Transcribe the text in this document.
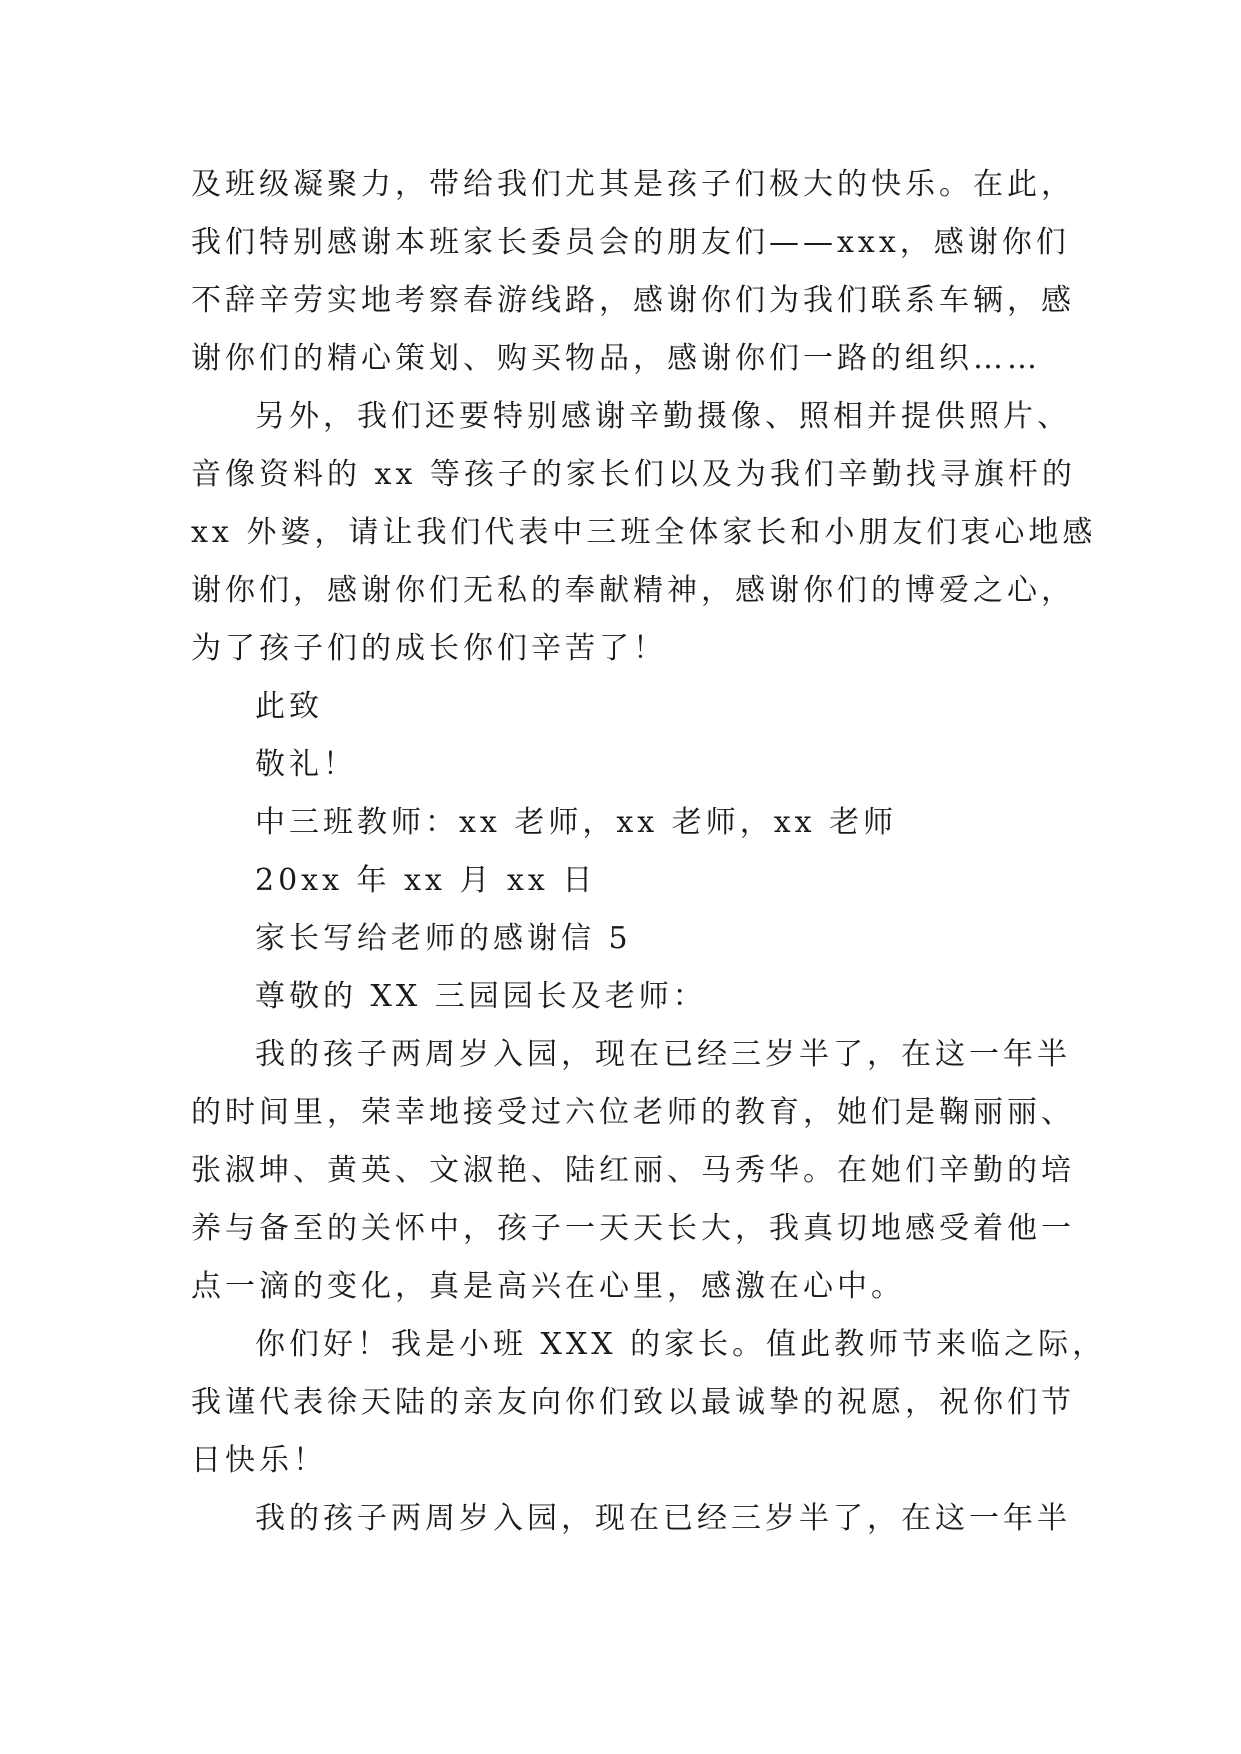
及班级凝聚力，带给我们尤其是孩子们极大的快乐。在此，
我们特别感谢本班家长委员会的朋友们——xxx，感谢你们
不辞辛劳实地考察春游线路，感谢你们为我们联系车辆，感
谢你们的精心策划、购买物品，感谢你们一路的组织……
另外，我们还要特别感谢辛勤摄像、照相并提供照片、
音像资料的 xx 等孩子的家长们以及为我们辛勤找寻旗杆的
xx 外婆，请让我们代表中三班全体家长和小朋友们衷心地感
谢你们，感谢你们无私的奉献精神，感谢你们的博爱之心，
为了孩子们的成长你们辛苦了！
此致
敬礼！
中三班教师：xx 老师，xx 老师，xx 老师
20xx 年 xx 月 xx 日
家长写给老师的感谢信 5
尊敬的 XX 三园园长及老师：
我的孩子两周岁入园，现在已经三岁半了，在这一年半
的时间里，荣幸地接受过六位老师的教育，她们是鞠丽丽、
张淑坤、黄英、文淑艳、陆红丽、马秀华。在她们辛勤的培
养与备至的关怀中，孩子一天天长大，我真切地感受着他一
点一滴的变化，真是高兴在心里，感激在心中。
你们好！我是小班 XXX 的家长。值此教师节来临之际，
我谨代表徐天陆的亲友向你们致以最诚挚的祝愿，祝你们节
日快乐！
我的孩子两周岁入园，现在已经三岁半了，在这一年半
